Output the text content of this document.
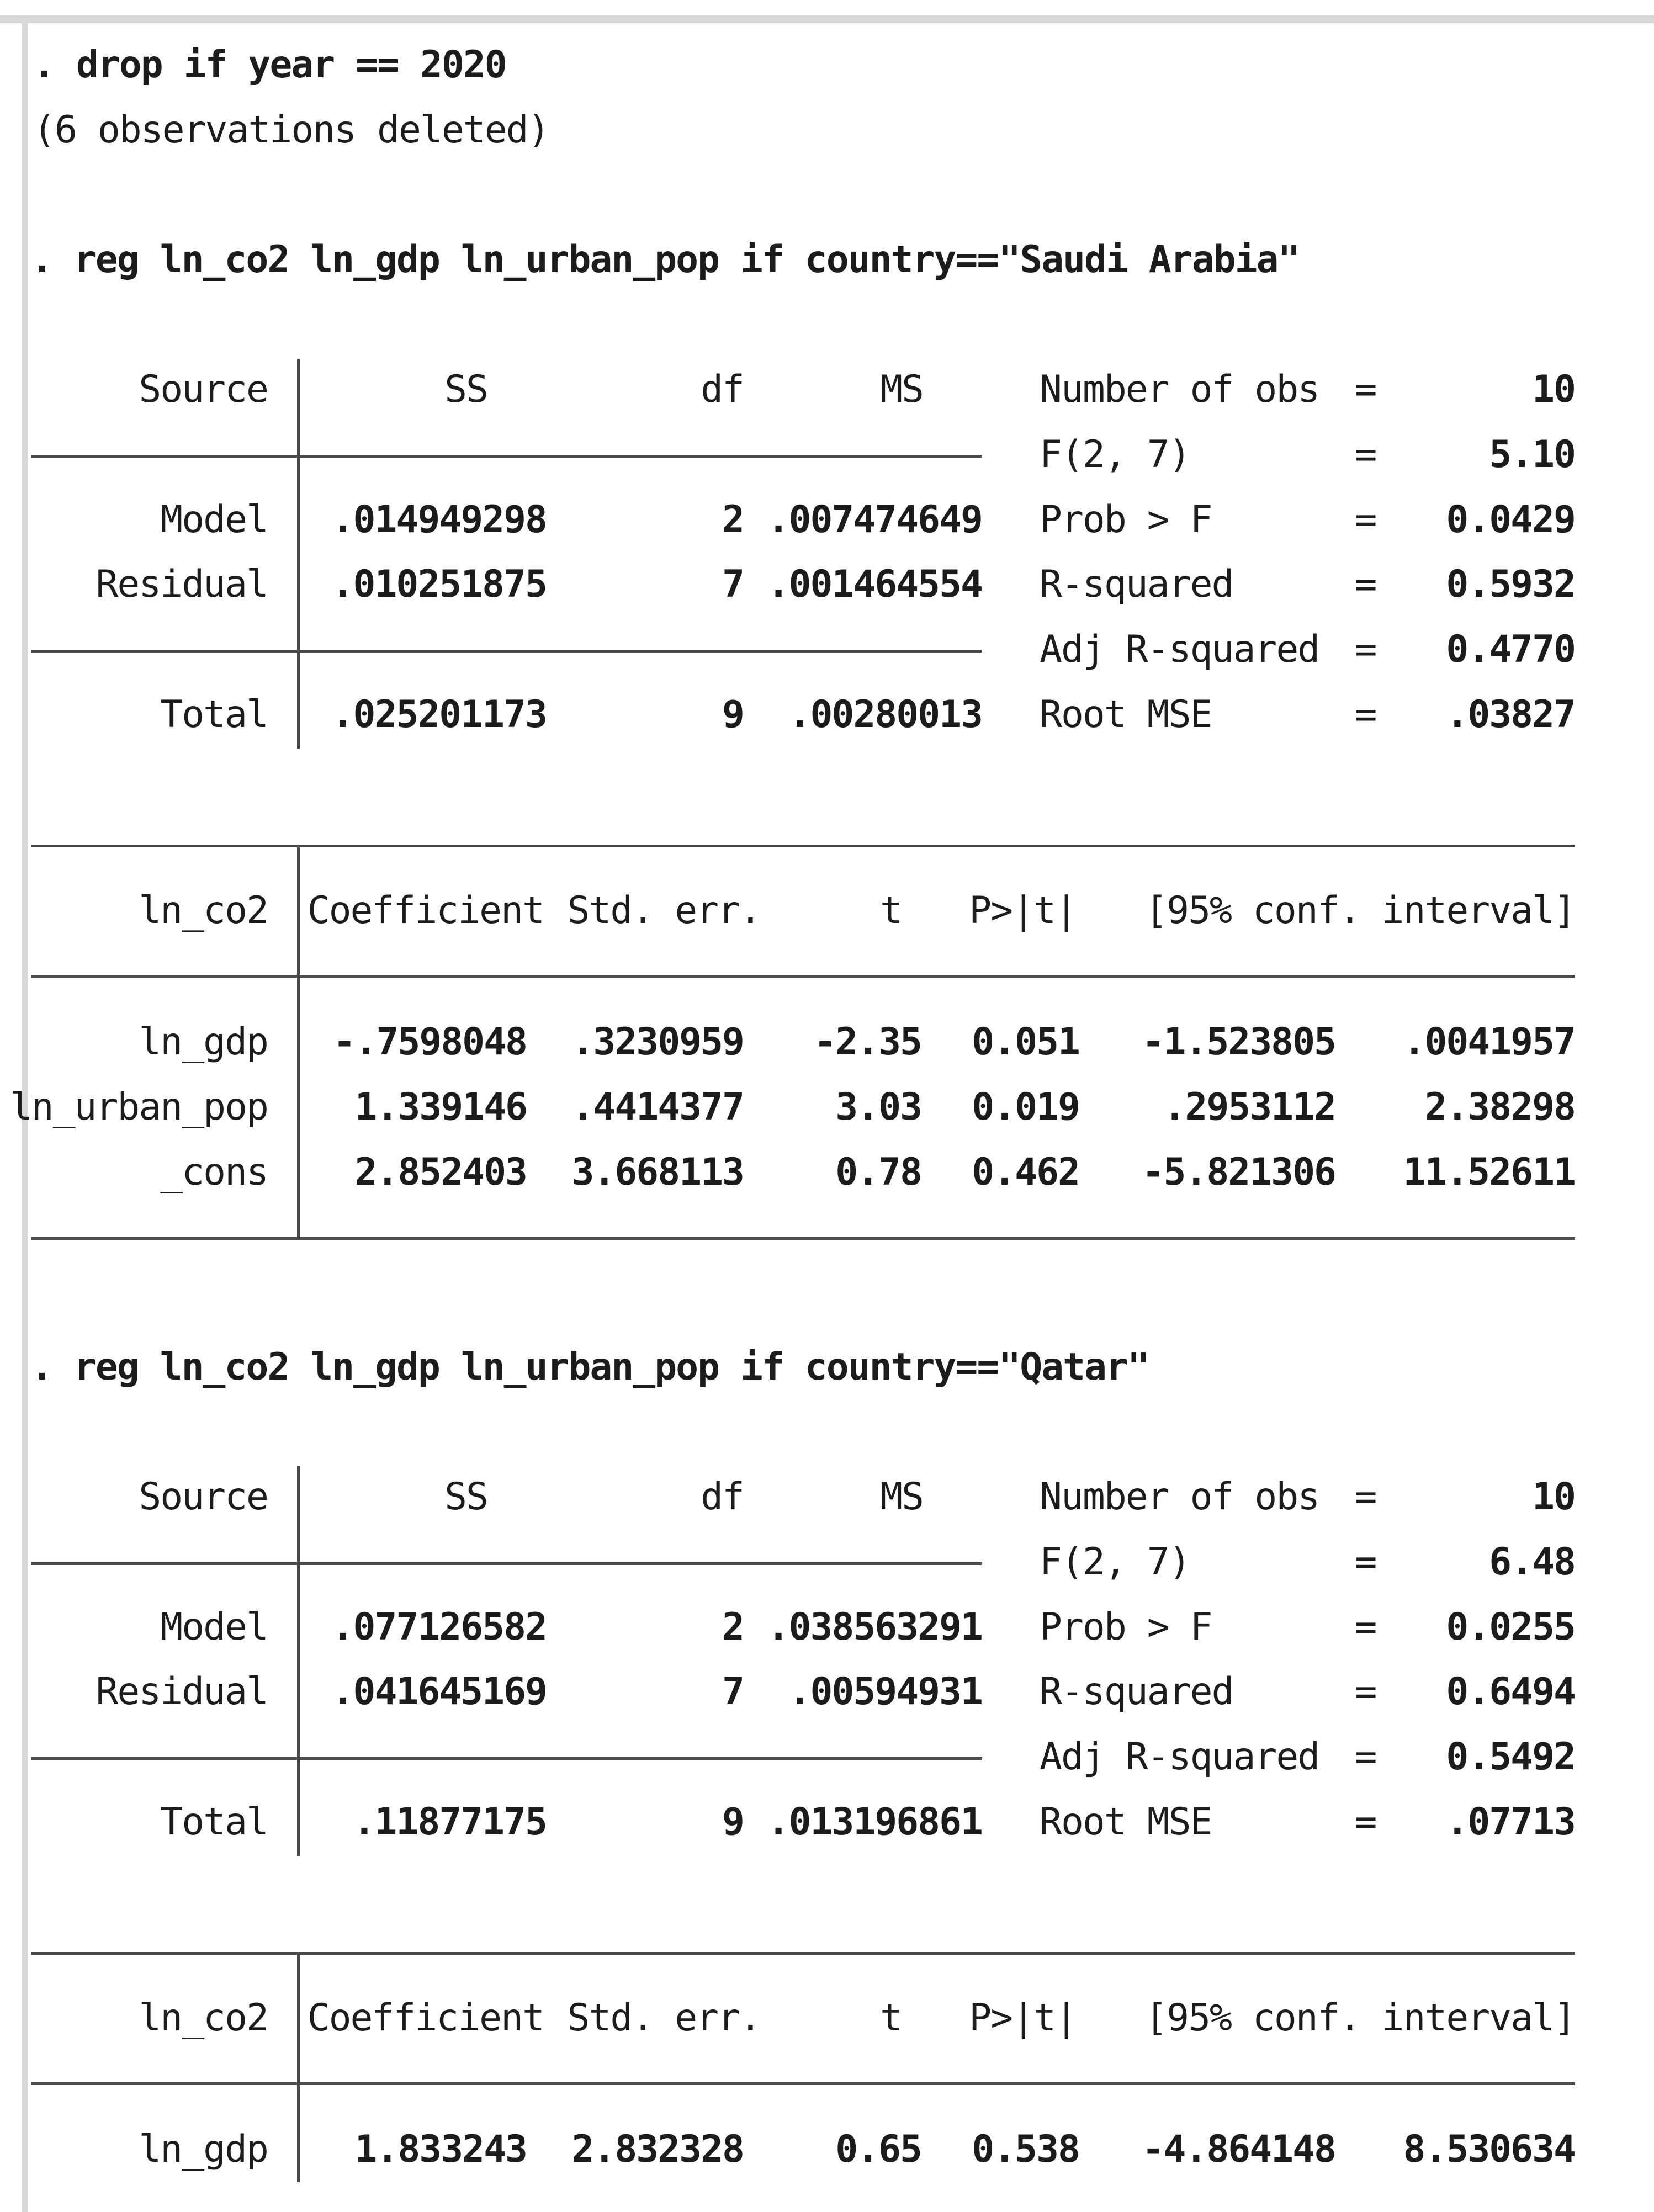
. drop if year == 2020
(6 observations deleted)
. reg ln_co2 ln_gdp ln_urban_pop if country=="Saudi Arabia"
Source	SS	df	MS
Model .014949298	2 .007474649
Residual .010251875	7 .001464554
Total .025201173	9 .00280013
Number of obs =	10
F(2, 7)	=	5.10
Prob > F	= 0.0429
R-squared	= 0.5932
Adj R-squared = 0.4770
Root MSE	= .03827
ln_co2 Coefficient Std. err.	t P>|t| [95% conf. interval]
ln_gdp -.7598048 .3230959 -2.35 0.051 -1.523805 .0041957
ln_urban_pop 1.339146 .4414377 3.03 0.019 .2953112 2.38298
_cons 2.852403 3.668113 0.78 0.462 -5.821306 11.52611
. reg ln_co2 ln_gdp ln_urban_pop if country=="Qatar"
Source	SS	df	MS
Model .077126582	2 .038563291
Residual .041645169	7 .00594931
Total .11877175	9 .013196861
Number of obs =	10
F(2, 7)	=	6.48
Prob > F	= 0.0255
R-squared	= 0.6494
Adj R-squared = 0.5492
Root MSE	= .07713
ln_co2 Coefficient Std. err.	t P>|t| [95% conf. interval]
ln_gdp 1.833243 2.832328 0.65 0.538 -4.864148 8.530634
